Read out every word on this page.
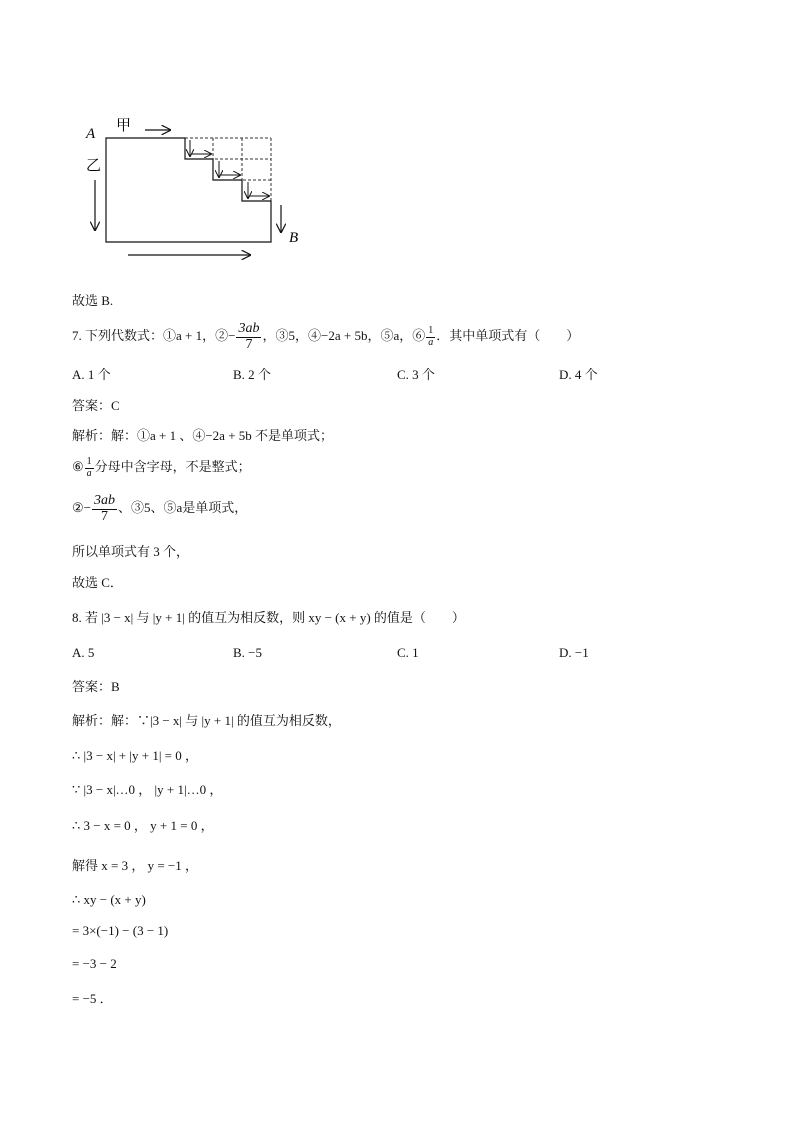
A 甲
乙
B
故选 B.
7. 下列代数式：①a + 1，②− $\frac{3ab}{7}$ ，③5，④−2a + 5b，⑤a，⑥ $\frac{1}{a}$ ．其中单项式有（　　）
A. 1 个	B. 2 个	C. 3 个	D. 4 个
答案：C
解析：解：①a + 1 、④−2a + 5b 不是单项式；
⑥ $\frac{1}{a}$ 分母中含字母，不是整式；
②− $\frac{3ab}{7}$ 、③5、⑤a是单项式，
所以单项式有 3 个，
故选 C．
8. 若 |3 − x| 与 |y + 1| 的值互为相反数，则 xy − (x + y) 的值是（　　）
A. 5	B. −5	C. 1	D. −1
答案：B
解析：解：∵|3 − x| 与 |y + 1| 的值互为相反数，
∴ |3 − x| + |y + 1| = 0 ，
∵ |3 − x|…0 ， |y + 1|…0 ，
∴ 3 − x = 0 ， y + 1 = 0 ，
解得 x = 3 ， y = −1 ，
∴ xy − (x + y)
= 3×(−1) − (3 − 1)
= −3 − 2
= −5 ．
